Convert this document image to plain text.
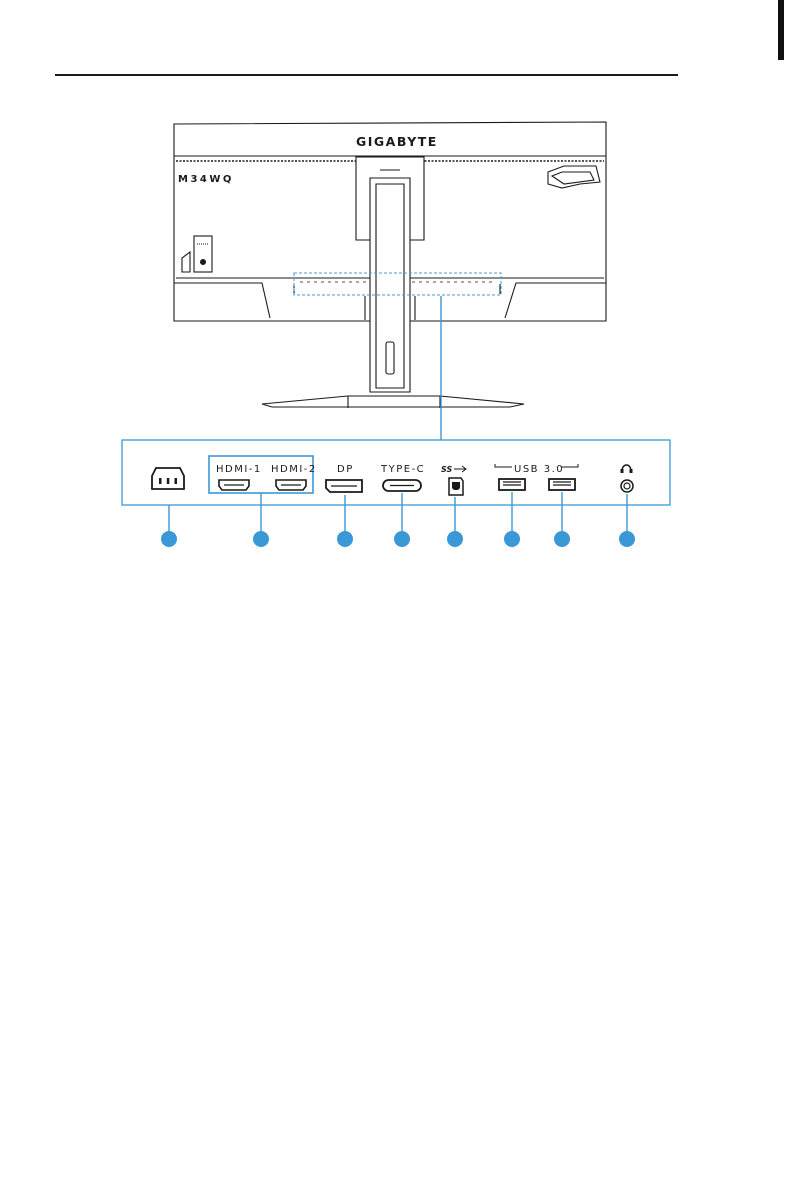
GIGABYTE
M34WQ
HDMI-1 HDMI-2 DP	TYPE-C	USB 3.0
SS
